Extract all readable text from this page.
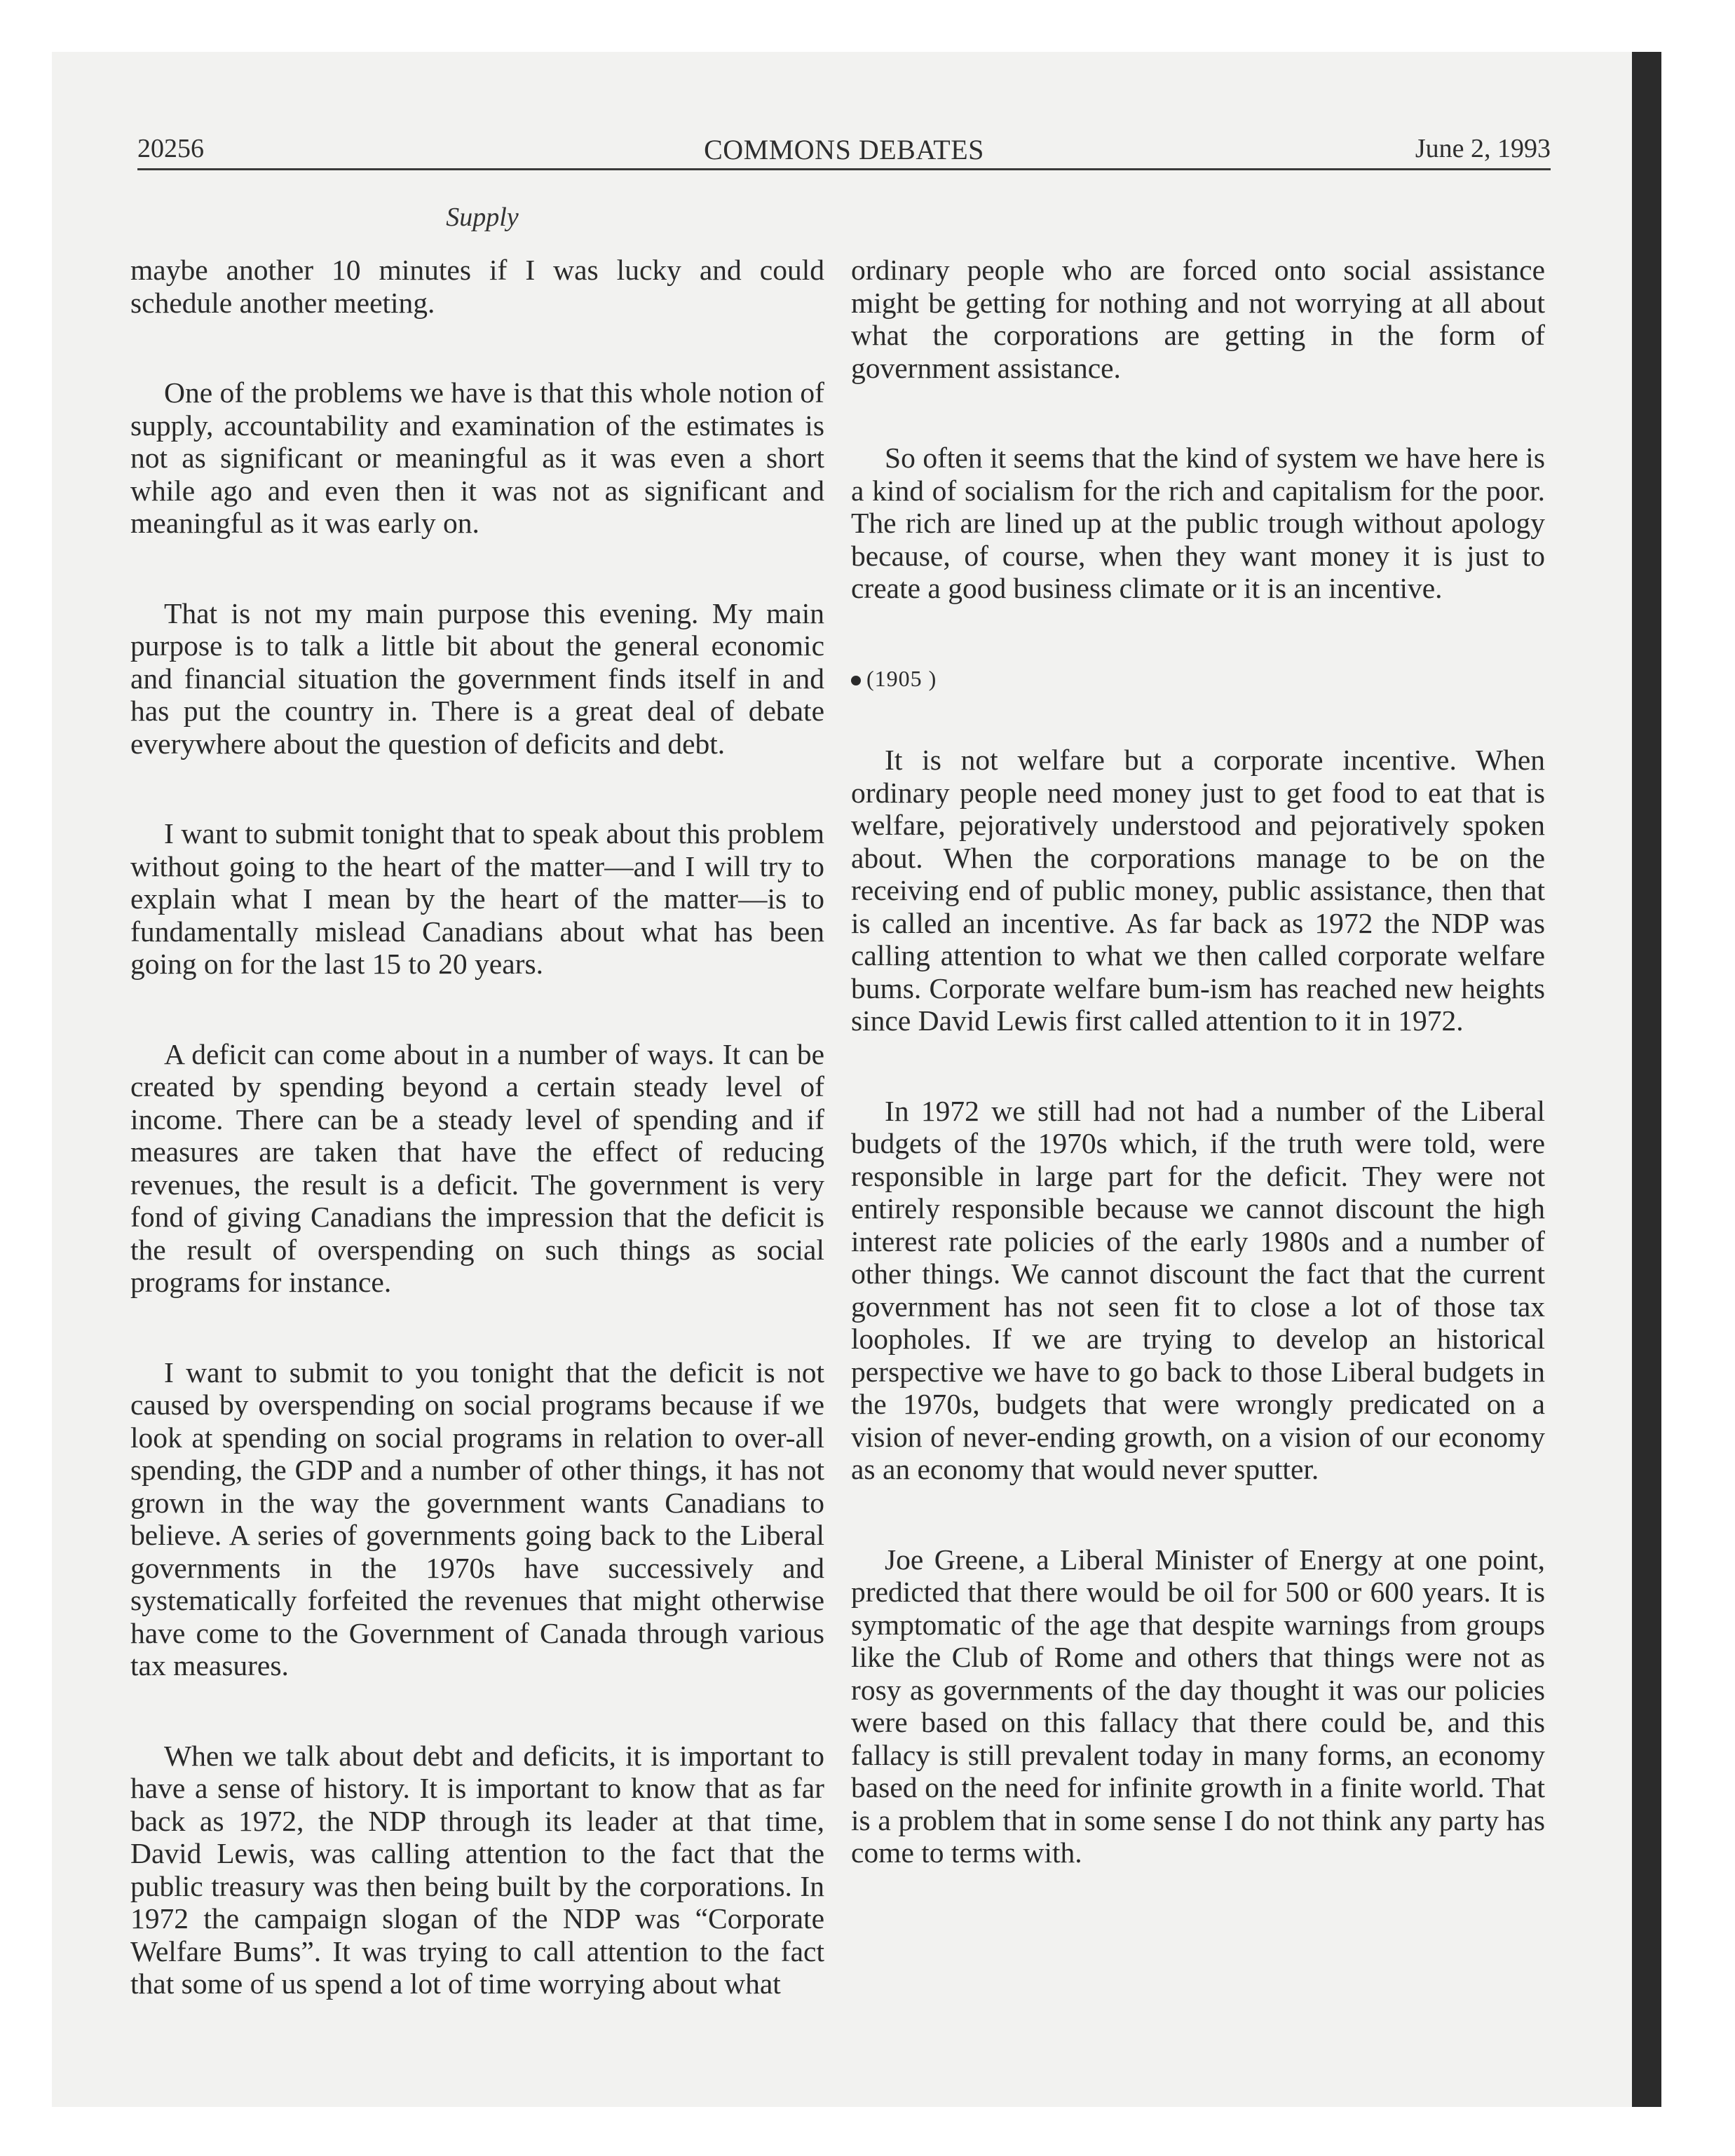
20256	COMMONS DEBATES	June 2, 1993
Supply

maybe another 10 minutes if I was lucky and could schedule another meeting.

One of the problems we have is that this whole notion of supply, accountability and examination of the estimates is not as significant or meaningful as it was even a short while ago and even then it was not as significant and meaningful as it was early on.

That is not my main purpose this evening. My main purpose is to talk a little bit about the general economic and financial situation the government finds itself in and has put the country in. There is a great deal of debate everywhere about the question of deficits and debt.

I want to submit tonight that to speak about this problem without going to the heart of the matter—and I will try to explain what I mean by the heart of the matter—is to fundamentally mislead Canadians about what has been going on for the last 15 to 20 years.

A deficit can come about in a number of ways. It can be created by spending beyond a certain steady level of income. There can be a steady level of spending and if measures are taken that have the effect of reducing revenues, the result is a deficit. The government is very fond of giving Canadians the impression that the deficit is the result of overspending on such things as social programs for instance.

I want to submit to you tonight that the deficit is not caused by overspending on social programs because if we look at spending on social programs in relation to over-all spending, the GDP and a number of other things, it has not grown in the way the government wants Canadians to believe. A series of governments going back to the Liberal governments in the 1970s have successively and systematically forfeited the revenues that might otherwise have come to the Government of Canada through various tax measures.

When we talk about debt and deficits, it is important to have a sense of history. It is important to know that as far back as 1972, the NDP through its leader at that time, David Lewis, was calling attention to the fact that the public treasury was then being built by the corporations. In 1972 the campaign slogan of the NDP was “Corporate Welfare Bums”. It was trying to call attention to the fact that some of us spend a lot of time worrying about what

ordinary people who are forced onto social assistance might be getting for nothing and not worrying at all about what the corporations are getting in the form of government assistance.

So often it seems that the kind of system we have here is a kind of socialism for the rich and capitalism for the poor. The rich are lined up at the public trough without apology because, of course, when they want money it is just to create a good business climate or it is an incentive.

(1905 )

It is not welfare but a corporate incentive. When ordinary people need money just to get food to eat that is welfare, pejoratively understood and pejoratively spoken about. When the corporations manage to be on the receiving end of public money, public assistance, then that is called an incentive. As far back as 1972 the NDP was calling attention to what we then called corporate welfare bums. Corporate welfare bum-ism has reached new heights since David Lewis first called attention to it in 1972.

In 1972 we still had not had a number of the Liberal budgets of the 1970s which, if the truth were told, were responsible in large part for the deficit. They were not entirely responsible because we cannot discount the high interest rate policies of the early 1980s and a number of other things. We cannot discount the fact that the current government has not seen fit to close a lot of those tax loopholes. If we are trying to develop an historical perspective we have to go back to those Liberal budgets in the 1970s, budgets that were wrongly predicated on a vision of never-ending growth, on a vision of our economy as an economy that would never sputter.

Joe Greene, a Liberal Minister of Energy at one point, predicted that there would be oil for 500 or 600 years. It is symptomatic of the age that despite warnings from groups like the Club of Rome and others that things were not as rosy as governments of the day thought it was our policies were based on this fallacy that there could be, and this fallacy is still prevalent today in many forms, an economy based on the need for infinite growth in a finite world. That is a problem that in some sense I do not think any party has come to terms with.
